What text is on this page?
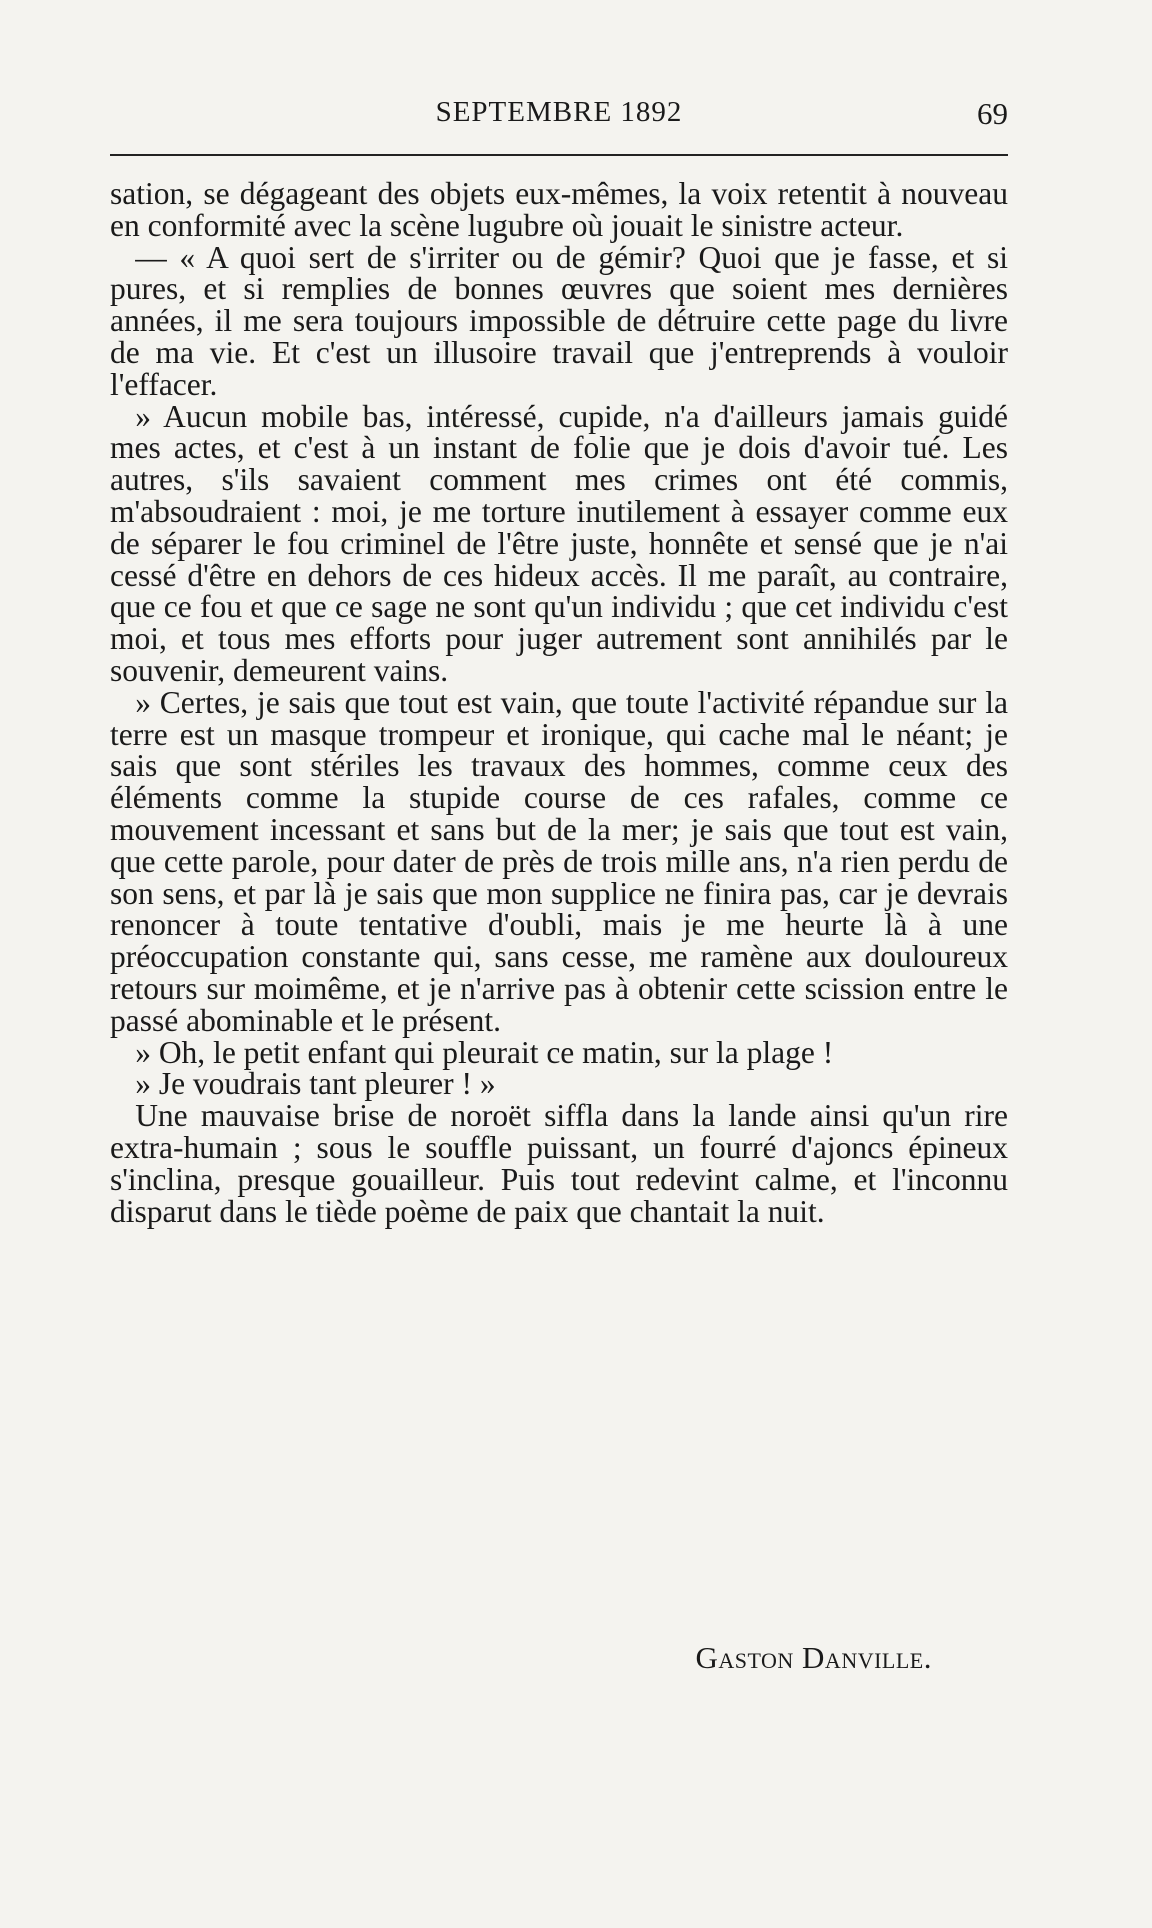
SEPTEMBRE 1892	69

sation, se dégageant des objets eux-mêmes, la voix retentit à nouveau en conformité avec la scène lugubre où jouait le sinistre acteur.

— « A quoi sert de s'irriter ou de gémir? Quoi que je fasse, et si pures, et si remplies de bonnes œuvres que soient mes dernières années, il me sera toujours impossible de détruire cette page du livre de ma vie. Et c'est un illusoire travail que j'entreprends à vouloir l'effacer.

» Aucun mobile bas, intéressé, cupide, n'a d'ailleurs jamais guidé mes actes, et c'est à un instant de folie que je dois d'avoir tué. Les autres, s'ils savaient comment mes crimes ont été commis, m'absoudraient : moi, je me torture inutilement à essayer comme eux de séparer le fou criminel de l'être juste, honnête et sensé que je n'ai cessé d'être en dehors de ces hideux accès. Il me paraît, au contraire, que ce fou et que ce sage ne sont qu'un individu ; que cet individu c'est moi, et tous mes efforts pour juger autrement sont annihilés par le souvenir, demeurent vains.

» Certes, je sais que tout est vain, que toute l'activité répandue sur la terre est un masque trompeur et ironique, qui cache mal le néant; je sais que sont stériles les travaux des hommes, comme ceux des éléments comme la stupide course de ces rafales, comme ce mouvement incessant et sans but de la mer; je sais que tout est vain, que cette parole, pour dater de près de trois mille ans, n'a rien perdu de son sens, et par là je sais que mon supplice ne finira pas, car je devrais renoncer à toute tentative d'oubli, mais je me heurte là à une préoccupation constante qui, sans cesse, me ramène aux douloureux retours sur moimême, et je n'arrive pas à obtenir cette scission entre le passé abominable et le présent.

» Oh, le petit enfant qui pleurait ce matin, sur la plage !

» Je voudrais tant pleurer ! »

Une mauvaise brise de noroët siffla dans la lande ainsi qu'un rire extra-humain ; sous le souffle puissant, un fourré d'ajoncs épineux s'inclina, presque gouailleur. Puis tout redevint calme, et l'inconnu disparut dans le tiède poème de paix que chantait la nuit.

Gaston Danville.
